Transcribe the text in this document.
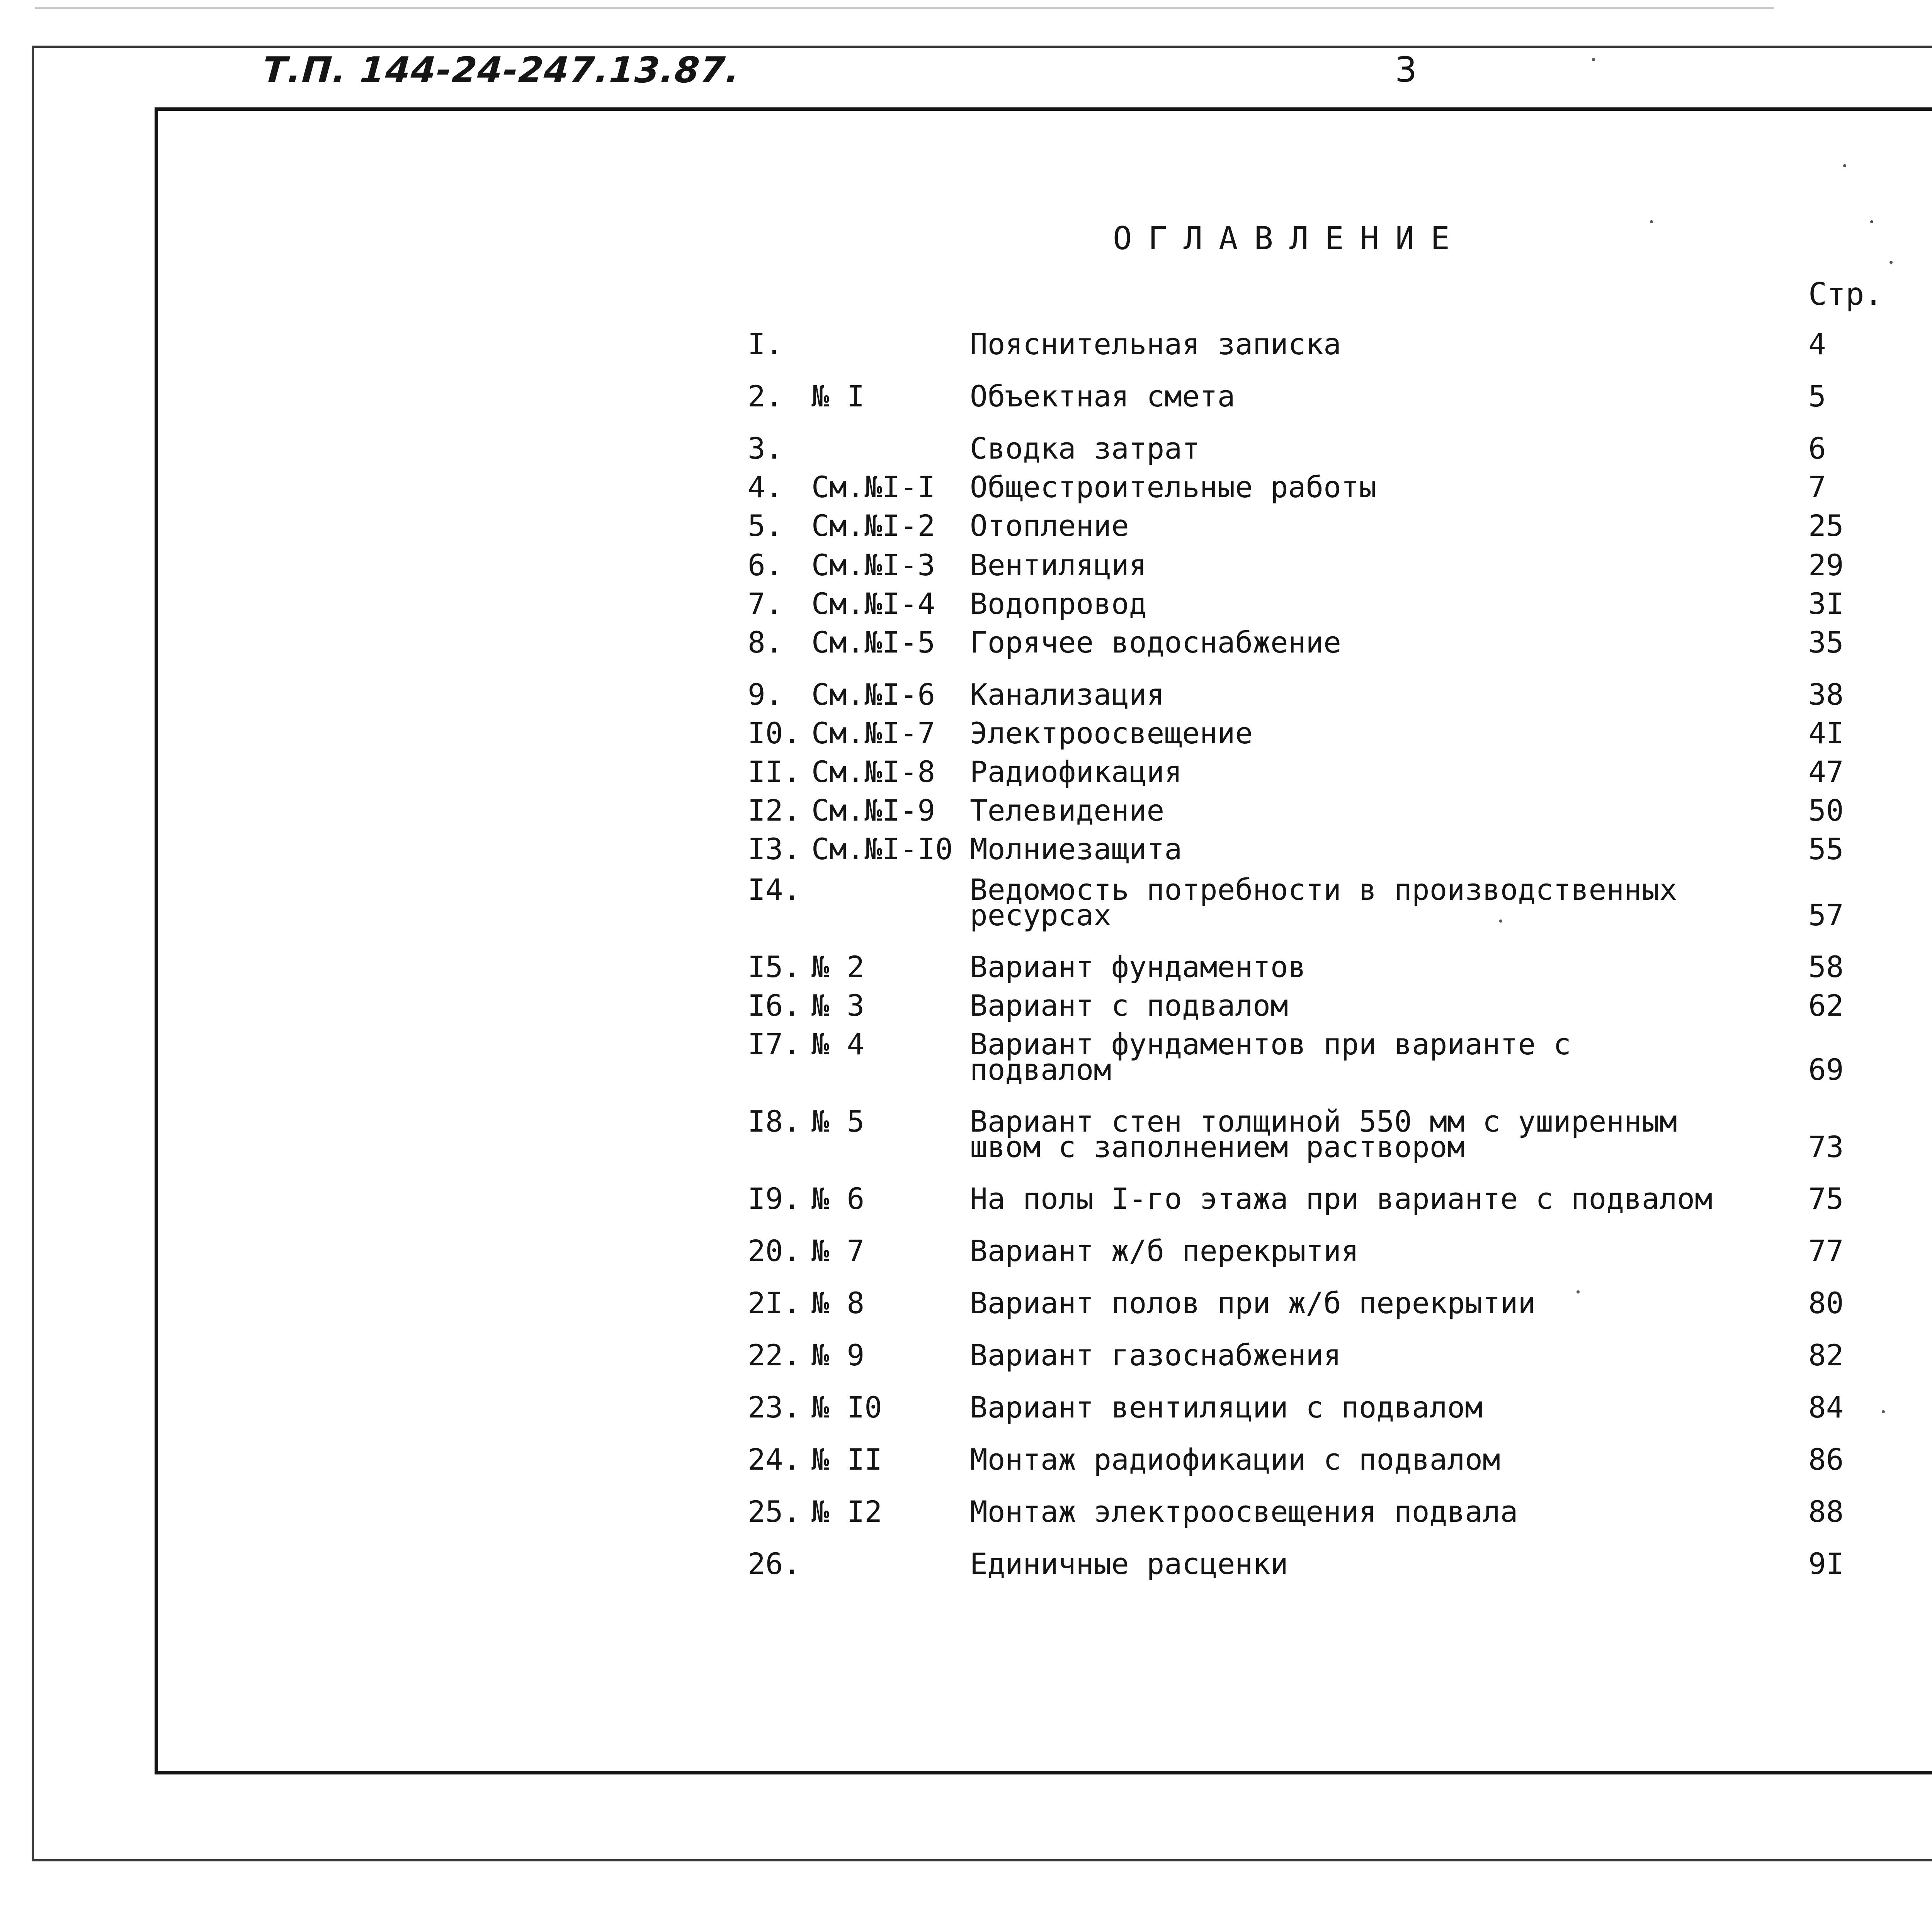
Т.П. 144-24-247.13.87.	3
ОГЛАВЛЕНИЕ
Стр.
I.	Пояснительная записка	4
2. № I	Объектная смета	5
3.	Сводка затрат	6
4. См.№I-I Общестроительные работы	7
5. См.№I-2 Отопление	25
6. См.№I-3 Вентиляция	29
7. См.№I-4 Водопровод	3I
8. См.№I-5 Горячее водоснабжение	35
9. См.№I-6 Канализация	38
I0. См.№I-7 Электроосвещение	4I
II. См.№I-8 Радиофикация	47
I2. См.№I-9 Телевидение	50
I3. См.№I-I0 Молниезащита	55
I4.	Ведомость потребности в производственных
ресурсах	57
I5. № 2	Вариант фундаментов	58
I6. № 3	Вариант с подвалом	62
I7. № 4	Вариант фундаментов при варианте с
подвалом	69
I8. № 5	Вариант стен толщиной 550 мм с уширенным
швом с заполнением раствором	73
I9. № 6	На полы I-го этажа при варианте с подвалом	75
20. № 7	Вариант ж/б перекрытия	77
2I. № 8	Вариант полов при ж/б перекрытии	80
22. № 9	Вариант газоснабжения	82
23. № I0	Вариант вентиляции с подвалом	84
24. № II	Монтаж радиофикации с подвалом	86
25. № I2	Монтаж электроосвещения подвала	88
26.	Единичные расценки	9I
